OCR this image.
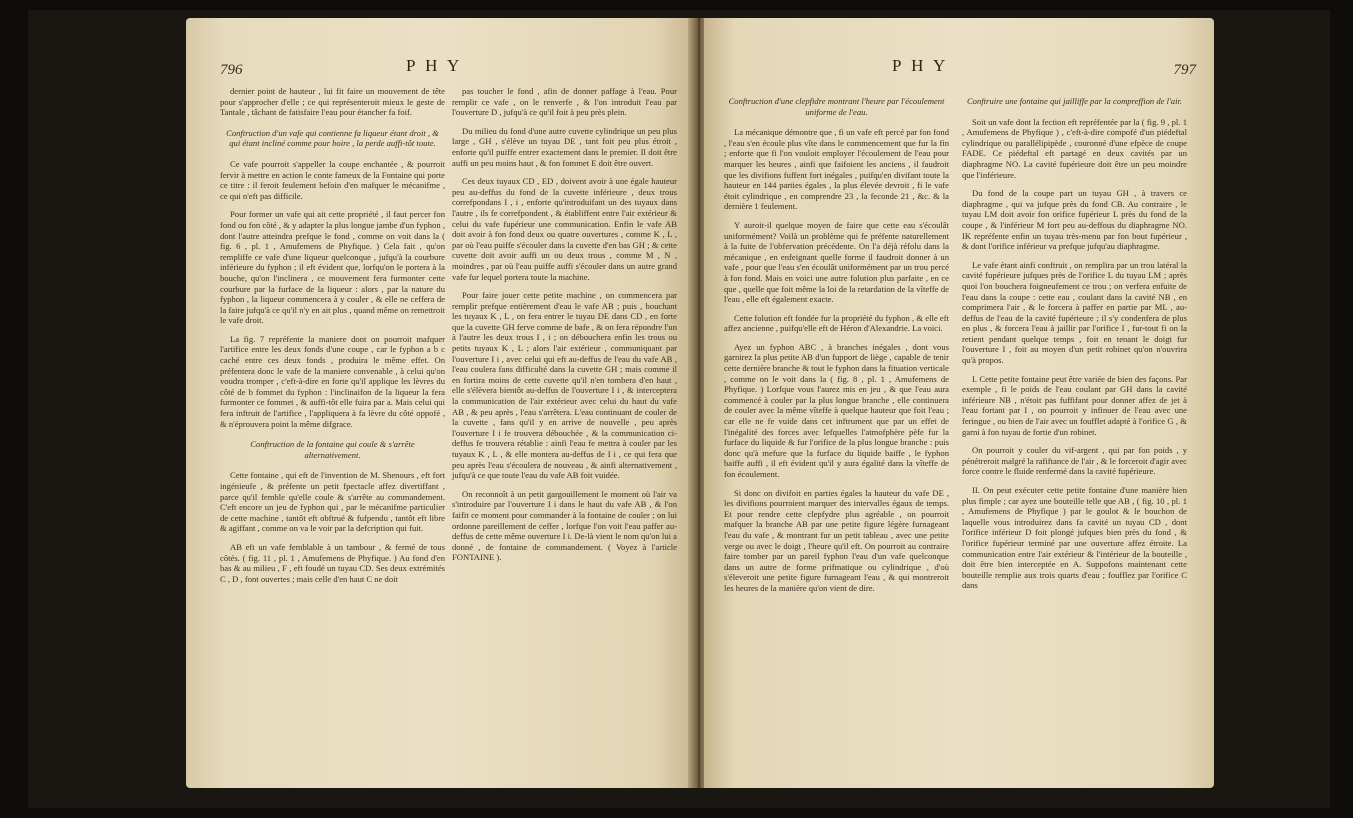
796	P H Y

dernier point de hauteur , lui fit faire un mouvement de tête pour s'approcher d'elle ; ce qui représenteroit mieux le geste de Tantale , tâchant de fatisfaire l'eau pour étancher fa foif.

Conftruction d'un vafe qui contienne fa liqueur étant droit , & qui étant incliné comme pour boire , la perde auffi-tôt toute.

Ce vafe pourroit s'appeller la coupe enchantée , & pourroit fervir à mettre en action le conte fameux de la Fontaine qui porte ce titre : il feroit feulement befoin d'en mafquer le mécanifme , ce qui n'eft pas difficile.

Pour former un vafe qui ait cette propriété , il faut percer fon fond ou fon côté , & y adapter la plus longue jambe d'un fyphon , dont l'autre atteindra prefque le fond , comme on voit dans la ( fig. 6 , pl. 1 , Amufemens de Phyfique. ) Cela fait , qu'on rempliffe ce vafe d'une liqueur quelconque , jufqu'à la courbure inférieure du fyphon ; il eft évident que, lorfqu'on le portera à la bouche, qu'on l'inclinera , ce mouvement fera furmonter cette courbure par la furface de la liqueur : alors , par la nature du fyphon , la liqueur commencera à y couler , & elle ne ceffera de la faire jufqu'à ce qu'il n'y en ait plus , quand même on remettroit le vafe droit.

La fig. 7 repréfente la maniere dont on pourroit mafquer l'artifice entre les deux fonds d'une coupe , car le fyphon a b c caché entre ces deux fonds , produira le même effet. On préfentera donc le vafe de la maniere convenable , à celui qu'on voudra tromper , c'eft-à-dire en forte qu'il applique les lèvres du côté de b fommet du fyphon : l'inclinaifon de la liqueur la fera furmonter ce fommet , & auffi-tôt elle fuira par a. Mais celui qui fera inftruit de l'artifice , l'appliquera à fa lèvre du côté oppofé , & n'éprouvera point la même difgrace.

Conftruction de la fontaine qui coule & s'arrête alternativement.

Cette fontaine , qui eft de l'invention de M. Shenours , eft fort ingénieufe , & préfente un petit fpectacle affez divertiffant , parce qu'il femble qu'elle coule & s'arrête au commandement. C'eft encore un jeu de fyphon qui , par le mécanifme particulier de cette machine , tantôt eft obftrué & fufpendu , tantôt eft libre & agiffant , comme on va le voir par la defcription qui fuit.

AB eft un vafe femblable à un tambour , & fermé de tous côtés. ( fig. 11 , pl. 1 , Amufemens de Phyfique. ) Au fond d'en bas & au milieu , F , eft foudé un tuyau CD. Ses deux extrémités C , D , font ouvertes ; mais celle d'en haut C ne doit

pas toucher le fond , afin de donner paffage à l'eau. Pour remplir ce vafe , on le renverfe , & l'on introduit l'eau par l'ouverture D , jufqu'à ce qu'il foit à peu près plein.

Du milieu du fond d'une autre cuvette cylindrique un peu plus large , GH , s'élève un tuyau DE , tant foit peu plus étroit , enforte qu'il puiffe entrer exactement dans le premier. Il doit être auffi un peu moins haut , & fon fommet E doit être ouvert.

Ces deux tuyaux CD , ED , doivent avoir à une égale hauteur peu au-deffus du fond de la cuvette inférieure , deux trous correfpondans I , i , enforte qu'introduifant un des tuyaux dans l'autre , ils fe correfpondent , & établiffent entre l'air extérieur & celui du vafe fupérieur une communication. Enfin le vafe AB doit avoir à fon fond deux ou quatre ouvertures , comme K , L , par où l'eau puiffe s'écouler dans la cuvette d'en bas GH ; & cette cuvette doit avoir auffi un ou deux trous , comme M , N , moindres , par où l'eau puiffe auffi s'écouler dans un autre grand vafe fur lequel portera toute la machine.

Pour faire jouer cette petite machine , on commencera par remplir prefque entièrement d'eau le vafe AB ; puis , bouchant les tuyaux K , L , on fera entrer le tuyau DE dans CD , en forte que la cuvette GH ferve comme de bafe , & on fera répondre l'un à l'autre les deux trous I , i ; on débouchera enfin les trous ou petits tuyaux K , L ; alors l'air extérieur , communiquant par l'ouverture I i , avec celui qui eft au-deffus de l'eau du vafe AB , l'eau coulera fans difficulté dans la cuvette GH ; mais comme il en fortira moins de cette cuvette qu'il n'en tombera d'en haut , elle s'élèvera bientôt au-deffus de l'ouverture I i , & interceptera la communication de l'air extérieur avec celui du haut du vafe AB , & peu après , l'eau s'arrêtera. L'eau continuant de couler de la cuvette , fans qu'il y en arrive de nouvelle , peu après l'ouverture I i fe trouvera débouchée , & la communication ci-deffus fe trouvera rétablie : ainfi l'eau fe mettra à couler par les tuyaux K , L , & elle montera au-deffus de I i , ce qui fera que peu après l'eau s'écoulera de nouveau , & ainfi alternativement , jufqu'à ce que toute l'eau du vafe AB foit vuidée.

On reconnoît à un petit gargouillement le moment où l'air va s'introduire par l'ouverture I i dans le haut du vafe AB , & l'on faifit ce moment pour commander à la fontaine de couler ; on lui ordonne pareillement de ceffer , lorfque l'on voit l'eau paffer au-deffus de cette même ouverture I i. De-là vient le nom qu'on lui a donné , de fontaine de commandement. ( Voyez à l'article FONTAINE ).

P H Y	797

Conftruction d'une clepfidre montrant l'heure par l'écoulement uniforme de l'eau.

La mécanique démontre que , fi un vafe eft percé par fon fond , l'eau s'en écoule plus vîte dans le commencement que fur la fin ; enforte que fi l'on vouloit employer l'écoulement de l'eau pour marquer les heures , ainfi que faifoient les anciens , il faudroit que les divifions fuffent fort inégales , puifqu'en divifant toute la hauteur en 144 parties égales , la plus élevée devroit , fi le vafe étoit cylindrique , en comprendre 23 , la feconde 21 , &c. & la dernière 1 feulement.

Y auroit-il quelque moyen de faire que cette eau s'écoulât uniformément? Voilà un problème qui fe préfente naturellement à la fuite de l'obfervation précédente. On l'a déjà réfolu dans la mécanique , en enfeignant quelle forme il faudroit donner à un vafe , pour que l'eau s'en écoulât uniformément par un trou percé à fon fond. Mais en voici une autre folution plus parfaite , en ce que , quelle que foit même la loi de la retardation de la vîteffe de l'eau , elle eft également exacte.

Cette folution eft fondée fur la propriété du fyphon , & elle eft affez ancienne , puifqu'elle eft de Héron d'Alexandrie. La voici.

Ayez un fyphon ABC , à branches inégales , dont vous garnirez la plus petite AB d'un fupport de liège , capable de tenir cette dernière branche & tout le fyphon dans la fituation verticale , comme on le voit dans la ( fig. 8 , pl. 1 , Amufemens de Phyfique. ) Lorfque vous l'aurez mis en jeu , & que l'eau aura commencé à couler par la plus longue branche , elle continuera de couler avec la même vîteffe à quelque hauteur que foit l'eau ; car elle ne fe vuide dans cet inftrument que par un effet de l'inégalité des forces avec lefquelles l'atmofphère pèfe fur la furface du liquide & fur l'orifice de la plus longue branche : puis donc qu'à mefure que la furface du liquide baiffe , le fyphon baiffe auffi , il eft évident qu'il y aura égalité dans la vîteffe de fon écoulement.

Si donc on divifoit en parties égales la hauteur du vafe DE , les divifions pourroient marquer des intervalles égaux de temps. Et pour rendre cette clepfydre plus agréable , on pourroit mafquer la branche AB par une petite figure légère furnageant l'eau du vafe , & montrant fur un petit tableau , avec une petite verge ou avec le doigt , l'heure qu'il eft. On pourroit au contraire faire tomber par un pareil fyphon l'eau d'un vafe quelconque dans un autre de forme prifmatique ou cylindrique , d'où s'éleveroit une petite figure furnageant l'eau , & qui montreroit les heures de la manière qu'on vient de dire.

Conftruire une fontaine qui jailliffe par la compreffion de l'air.

Soit un vafe dont la fection eft repréfentée par la ( fig. 9 , pl. 1 , Amufemens de Phyfique ) , c'eft-à-dire compofé d'un piédeftal cylindrique ou parallélipipède , couronné d'une efpèce de coupe FADE. Ce piédeftal eft partagé en deux cavités par un diaphragme NO. La cavité fupérieure doit être un peu moindre que l'inférieure.

Du fond de la coupe part un tuyau GH , à travers ce diaphragme , qui va jufque près du fond CB. Au contraire , le tuyau LM doit avoir fon orifice fupérieur L près du fond de la coupe , & l'inférieur M fort peu au-deffous du diaphragme NO. IK repréfente enfin un tuyau très-menu par fon bout fupérieur , & dont l'orifice inférieur va prefque jufqu'au diaphragme.

Le vafe étant ainfi conftruit , on remplira par un trou latéral la cavité fupérieure jufques près de l'orifice L du tuyau LM ; après quoi l'on bouchera foigneufement ce trou ; on verfera enfuite de l'eau dans la coupe : cette eau , coulant dans la cavité NB , en comprimera l'air , & le forcera à paffer en partie par ML , au-deffus de l'eau de la cavité fupérieure ; il s'y condenfera de plus en plus , & forcera l'eau à jaillir par l'orifice I , fur-tout fi on la retient pendant quelque temps , foit en tenant le doigt fur l'ouverture I , foit au moyen d'un petit robinet qu'on n'ouvrira qu'à propos.

I. Cette petite fontaine peut être variée de bien des façons. Par exemple , fi le poids de l'eau coulant par GH dans la cavité inférieure NB , n'étoit pas fuffifant pour donner affez de jet à l'eau fortant par I , on pourroit y infinuer de l'eau avec une feringue , ou bien de l'air avec un foufflet adapté à l'orifice G , & garni à fon tuyau de fortie d'un robinet.

On pourroit y couler du vif-argent , qui par fon poids , y pénétreroit malgré la rafiftance de l'air , & le forceroit d'agir avec force contre le fluide renfermé dans la cavité fupérieure.

II. On peut exécuter cette petite fontaine d'une manière bien plus fimple ; car ayez une bouteille telle que AB , ( fig. 10 , pl. 1 , Amufemens de Phyfique ) par le goulot & le bouchon de laquelle vous introduirez dans fa cavité un tuyau CD , dont l'orifice inférieur D foit plongé jufques bien près du fond , & l'orifice fupérieur terminé par une ouverture affez étroite. La communication entre l'air extérieur & l'intérieur de la bouteille , doit être bien interceptée en A. Suppofons maintenant cette bouteille remplie aux trois quarts d'eau ; foufflez par l'orifice C dans
